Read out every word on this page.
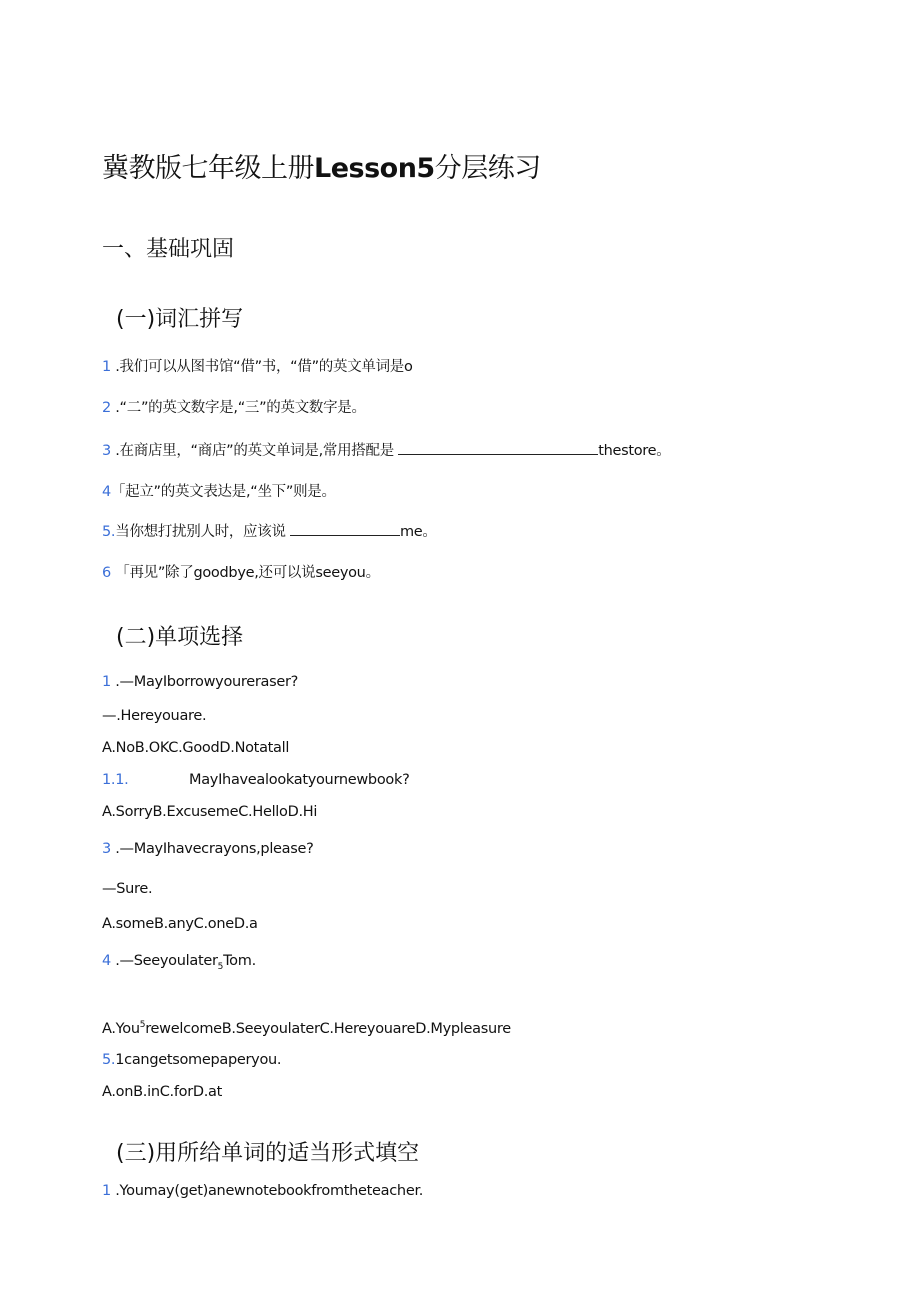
冀教版七年级上册Lesson5分层练习
一、基础巩固
(一)词汇拼写
1 .我们可以从图书馆“借”书，“借”的英文单词是o
2 .“二”的英文数字是,“三”的英文数字是。
3 .在商店里，“商店”的英文单词是,常用搭配是	thestore。
4「起立”的英文表达是,“坐下”则是。
5.当你想打扰别人时，应该说	me。
6 「再见”除了goodbye,还可以说seeyou。
(二)单项选择
1 .—MayIborrowyoureraser?
—.Hereyouare.
A.NoB.OKC.GoodD.Notatall
1.1.	MayIhavealookatyournewbook?
A.SorryB.ExcusemeC.HelloD.Hi
3 .—MayIhavecrayons,please?
—Sure.
A.someB.anyC.oneD.a
4 .—Seeyoulater$_5$Tom.
A.You$^5$rewelcomeB.SeeyoulaterC.HereyouareD.Mypleasure
5.1cangetsomepaperyou.
A.onB.inC.forD.at
(三)用所给单词的适当形式填空
1 .Youmay(get)anewnotebookfromtheteacher.
